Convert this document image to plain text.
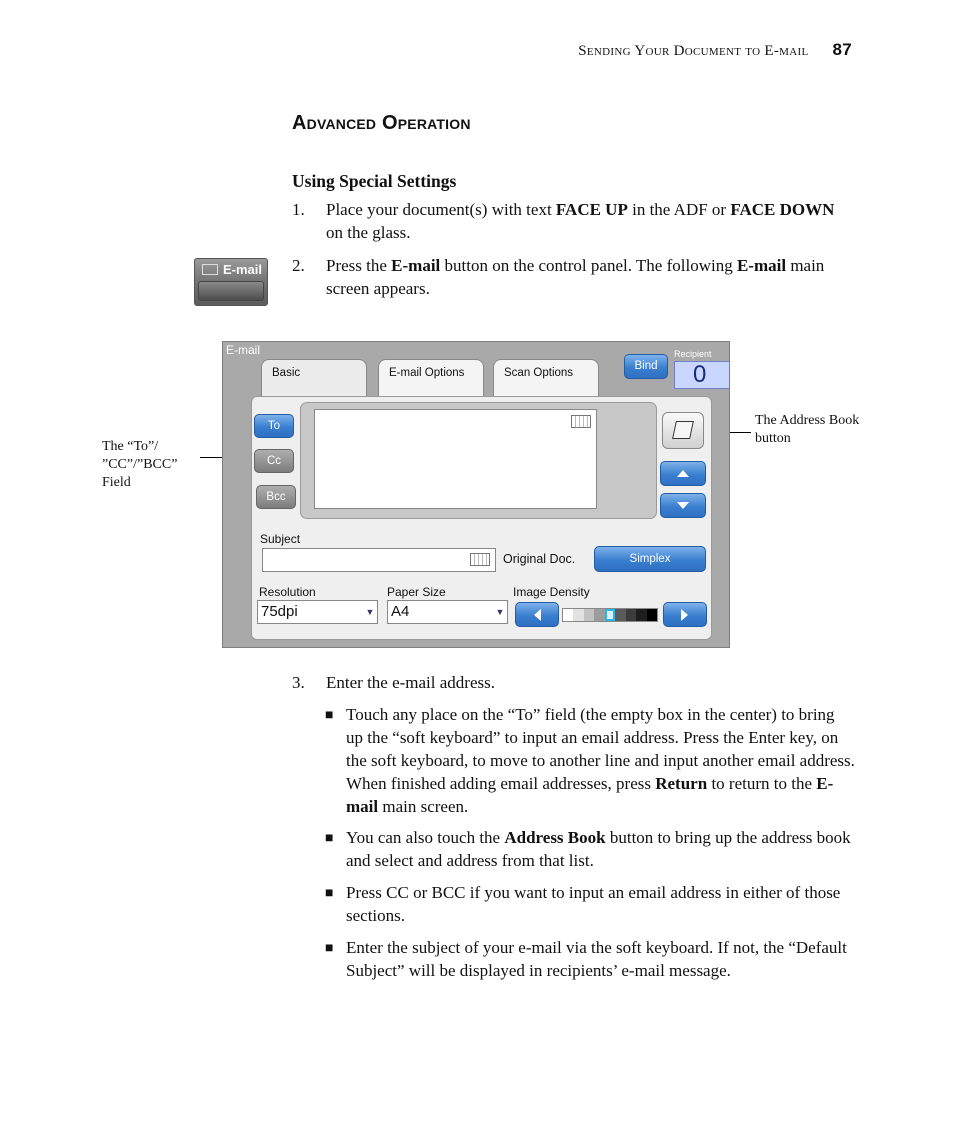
Sending Your Document to E-mail 87
Advanced Operation
Using Special Settings
1. Place your document(s) with text FACE UP in the ADF or FACE DOWN on the glass.
E-mail 2. Press the E-mail button on the control panel. The following E-mail main screen appears.
The “To”/ ”CC”/”BCC” Field
The Address Book button
E-mail
Basic	E-mail Options	Scan Options
Bind
Recipient
0
To
Cc
Bcc
Subject
Original Doc.	Simplex
Resolution
75dpi	▼
Paper Size
A4	▼
Image Density
3. Enter the e-mail address.
■ Touch any place on the “To” field (the empty box in the center) to bring up the “soft keyboard” to input an email address. Press the Enter key, on the soft keyboard, to move to another line and input another email address. When finished adding email addresses, press Return to return to the E-mail main screen.
■ You can also touch the Address Book button to bring up the address book and select and address from that list.
■ Press CC or BCC if you want to input an email address in either of those sections.
■ Enter the subject of your e-mail via the soft keyboard. If not, the “Default Subject” will be displayed in recipients’ e-mail message.
